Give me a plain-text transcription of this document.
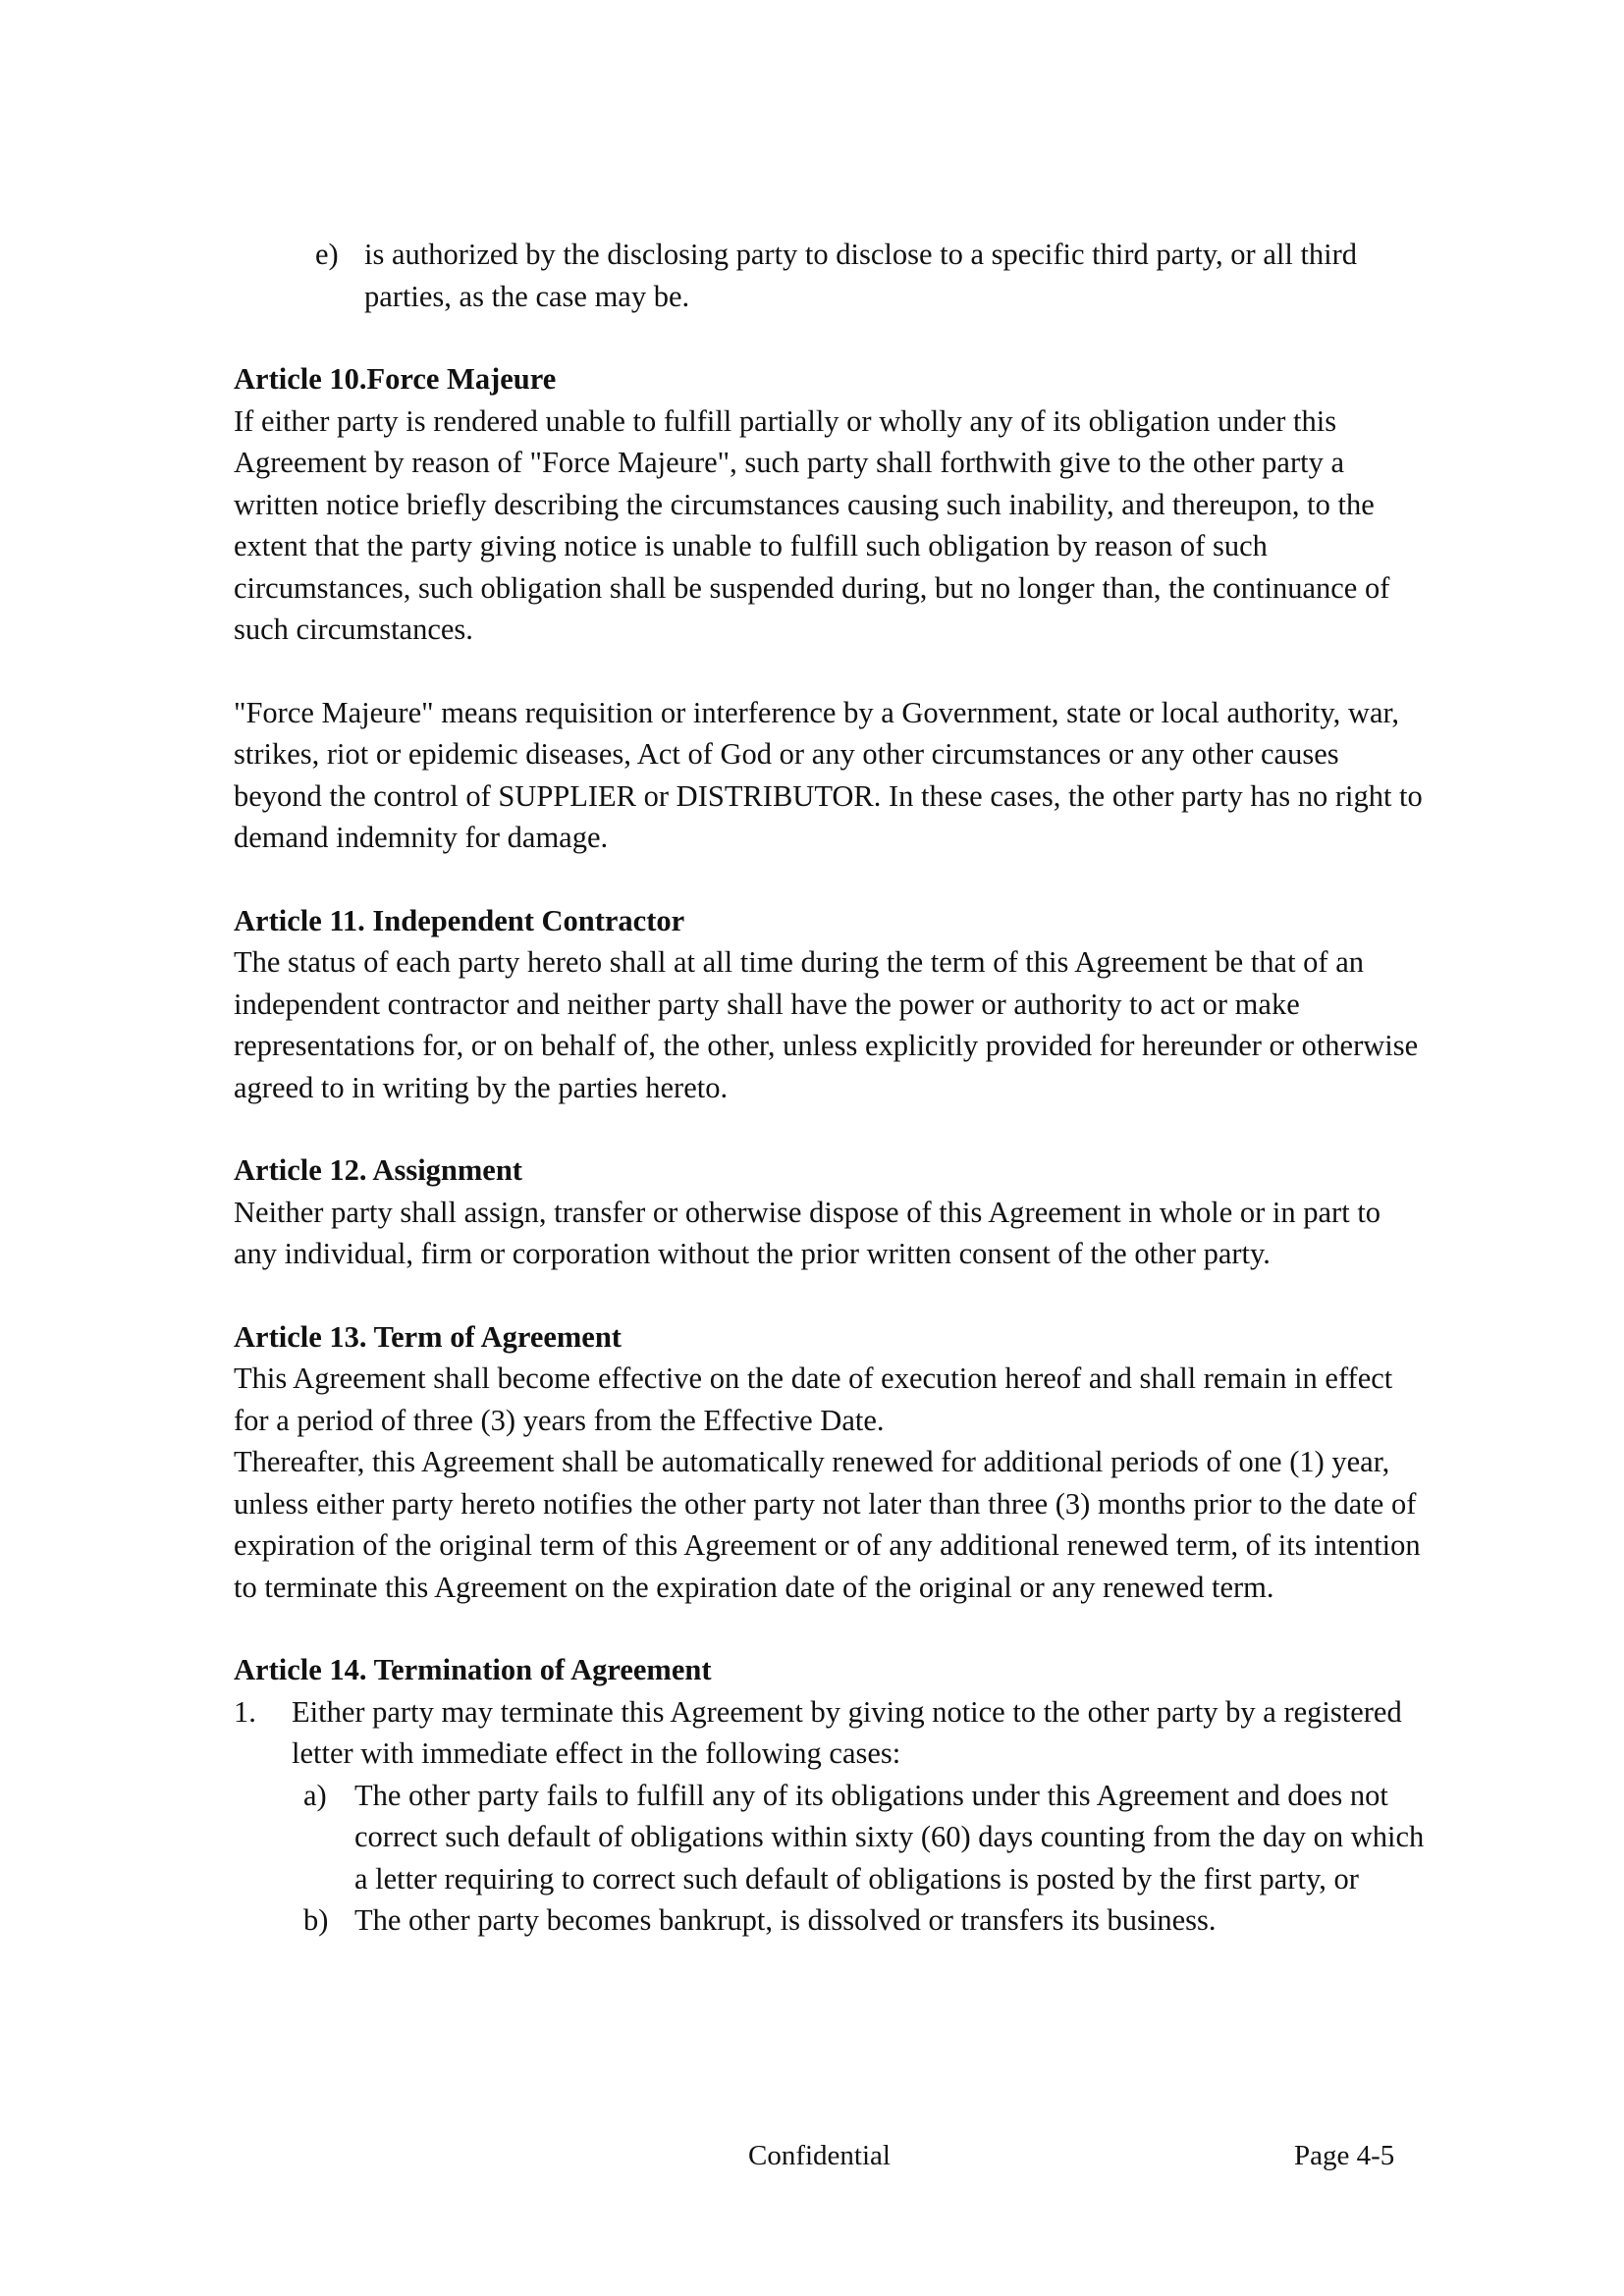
e) is authorized by the disclosing party to disclose to a specific third party, or all third parties, as the case may be.
Article 10.Force Majeure

If either party is rendered unable to fulfill partially or wholly any of its obligation under this Agreement by reason of "Force Majeure", such party shall forthwith give to the other party a written notice briefly describing the circumstances causing such inability, and thereupon, to the extent that the party giving notice is unable to fulfill such obligation by reason of such circumstances, such obligation shall be suspended during, but no longer than, the continuance of such circumstances.

"Force Majeure" means requisition or interference by a Government, state or local authority, war, strikes, riot or epidemic diseases, Act of God or any other circumstances or any other causes beyond the control of SUPPLIER or DISTRIBUTOR. In these cases, the other party has no right to demand indemnity for damage.

Article 11. Independent Contractor

The status of each party hereto shall at all time during the term of this Agreement be that of an independent contractor and neither party shall have the power or authority to act or make representations for, or on behalf of, the other, unless explicitly provided for hereunder or otherwise agreed to in writing by the parties hereto.

Article 12. Assignment

Neither party shall assign, transfer or otherwise dispose of this Agreement in whole or in part to any individual, firm or corporation without the prior written consent of the other party.

Article 13. Term of Agreement

This Agreement shall become effective on the date of execution hereof and shall remain in effect for a period of three (3) years from the Effective Date.

Thereafter, this Agreement shall be automatically renewed for additional periods of one (1) year, unless either party hereto notifies the other party not later than three (3) months prior to the date of expiration of the original term of this Agreement or of any additional renewed term, of its intention to terminate this Agreement on the expiration date of the original or any renewed term.

Article 14. Termination of Agreement
1.	Either party may terminate this Agreement by giving notice to the other party by a registered letter with immediate effect in the following cases:
a) The other party fails to fulfill any of its obligations under this Agreement and does not correct such default of obligations within sixty (60) days counting from the day on which a letter requiring to correct such default of obligations is posted by the first party, or
b) The other party becomes bankrupt, is dissolved or transfers its business.
Confidential	Page 4-5
